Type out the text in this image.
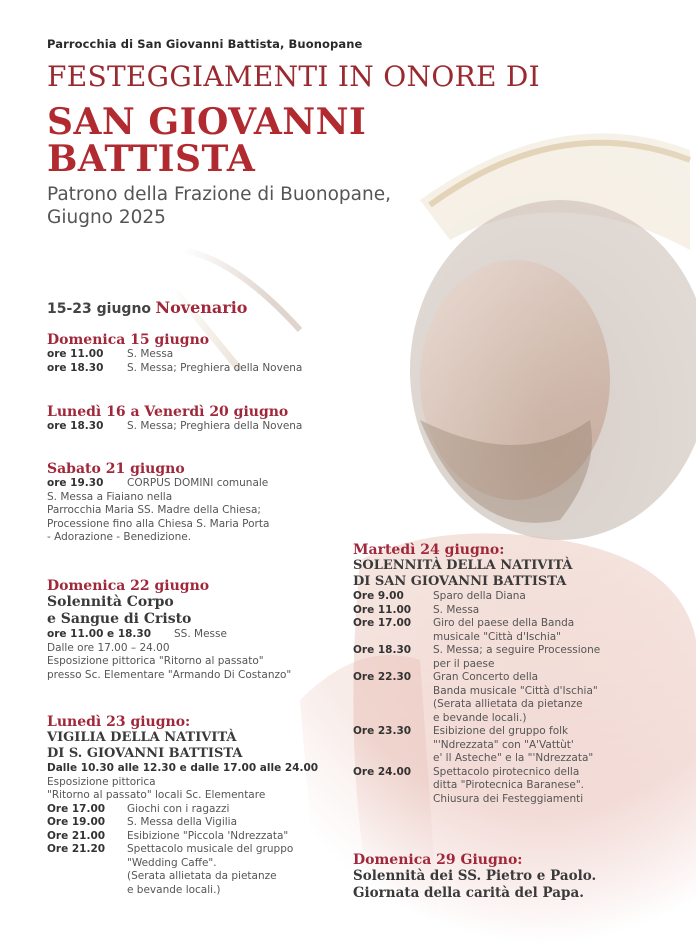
Parrocchia di San Giovanni Battista, Buonopane
FESTEGGIAMENTI IN ONORE DI
SAN GIOVANNI
BATTISTA
Patrono della Frazione di Buonopane,
Giugno 2025
15-23 giugno Novenario
Domenica 15 giugno
ore 11.00	S. Messa
ore 18.30	S. Messa; Preghiera della Novena
Lunedì 16 a Venerdì 20 giugno
ore 18.30	S. Messa; Preghiera della Novena
Sabato 21 giugno
ore 19.30	CORPUS DOMINI comunale
S. Messa a Fiaiano nella
Parrocchia Maria SS. Madre della Chiesa;
Processione fino alla Chiesa S. Maria Porta
- Adorazione - Benedizione.
Domenica 22 giugno
Solennità Corpo
e Sangue di Cristo
ore 11.00 e 18.30	SS. Messe
Dalle ore 17.00 – 24.00
Esposizione pittorica "Ritorno al passato"
presso Sc. Elementare "Armando Di Costanzo"
Lunedì 23 giugno:
VIGILIA DELLA NATIVITÀ
DI S. GIOVANNI BATTISTA
Dalle 10.30 alle 12.30 e dalle 17.00 alle 24.00
Esposizione pittorica
"Ritorno al passato" locali Sc. Elementare
Ore 17.00	Giochi con i ragazzi
Ore 19.00	S. Messa della Vigilia
Ore 21.00	Esibizione "Piccola 'Ndrezzata"
Ore 21.20	Spettacolo musicale del gruppo
"Wedding Caffe".
(Serata allietata da pietanze
e bevande locali.)
Martedì 24 giugno:
SOLENNITÀ DELLA NATIVITÀ
DI SAN GIOVANNI BATTISTA
Ore 9.00	Sparo della Diana
Ore 11.00	S. Messa
Ore 17.00	Giro del paese della Banda
musicale "Città d'Ischia"
Ore 18.30	S. Messa; a seguire Processione
per il paese
Ore 22.30	Gran Concerto della
Banda musicale "Città d'Ischia"
(Serata allietata da pietanze
e bevande locali.)
Ore 23.30	Esibizione del gruppo folk
"'Ndrezzata" con "A'Vattùt'
e' ll Asteche" e la "'Ndrezzata"
Ore 24.00	Spettacolo pirotecnico della
ditta "Pirotecnica Baranese".
Chiusura dei Festeggiamenti
Domenica 29 Giugno:
Solennità dei SS. Pietro e Paolo.
Giornata della carità del Papa.
